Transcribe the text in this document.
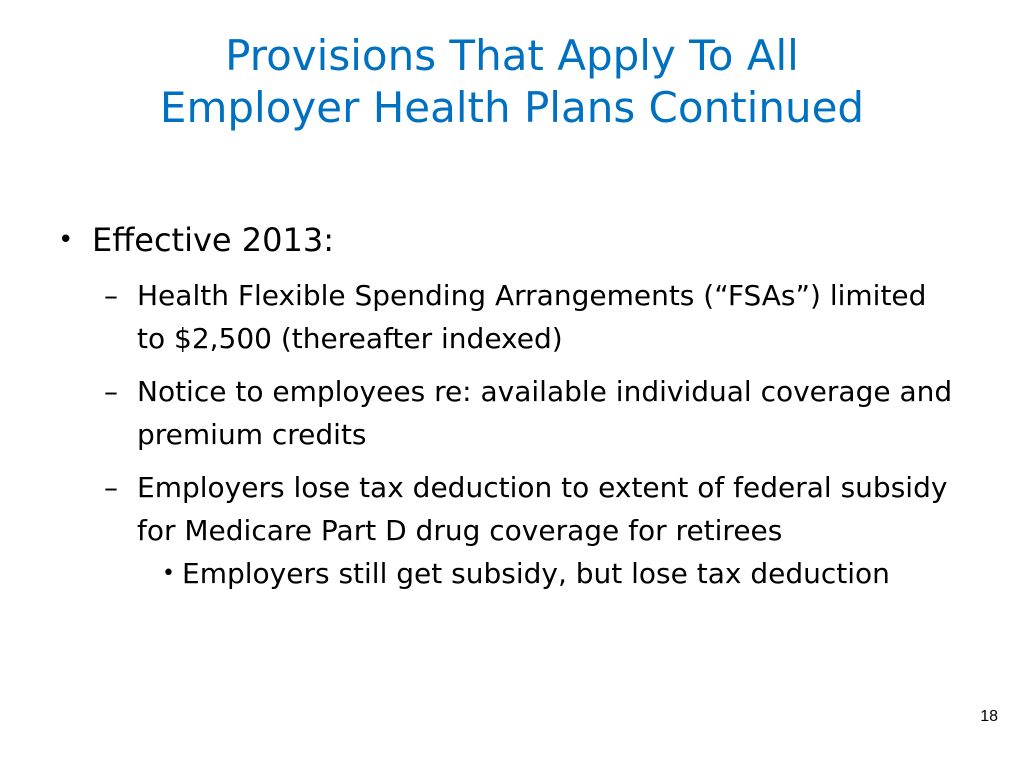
Provisions That Apply To All
Employer Health Plans Continued
• Effective 2013:
– Health Flexible Spending Arrangements (“FSAs”) limited to $2,500 (thereafter indexed)
– Notice to employees re: available individual coverage and premium credits
– Employers lose tax deduction to extent of federal subsidy for Medicare Part D drug coverage for retirees
• Employers still get subsidy, but lose tax deduction
18
